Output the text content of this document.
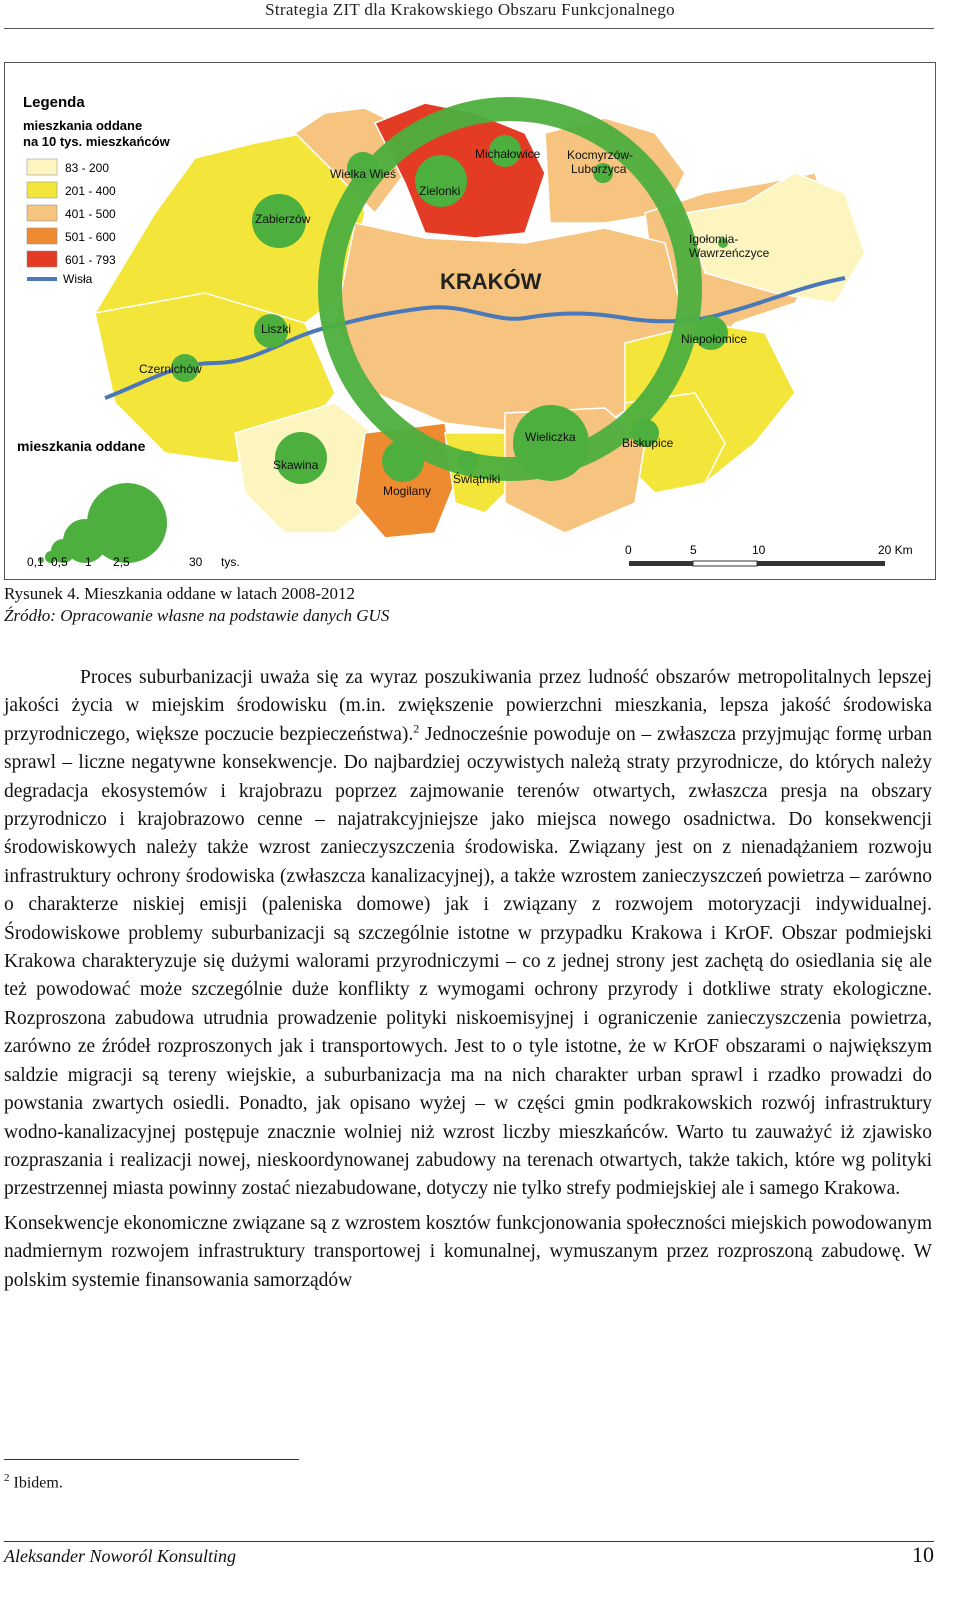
Strategia ZIT dla Krakowskiego Obszaru Funkcjonalnego
KRAKÓW
Wielka Wieś
Zielonki
Michałowice Kocmyrzów-
Luborzyca
Zabierzów
Igołomia-
Wawrzeńczyce
Liszki
Niepołomice
Czernichów
Wieliczka	Biskupice
Skawina
Mogilany
Świątniki
Legenda
mieszkania oddane
na 10 tys. mieszkańców
83 - 200
201 - 400
401 - 500
501 - 600
601 - 793
Wisła
mieszkania oddane
0,1 0,5 1 2,5	30 tys.
0	5	10	20 Km
Rysunek 4. Mieszkania oddane w latach 2008-2012
Źródło: Opracowanie własne na podstawie danych GUS

Proces suburbanizacji uważa się za wyraz poszukiwania przez ludność obszarów metropolitalnych lepszej jakości życia w miejskim środowisku (m.in. zwiększenie powierzchni mieszkania, lepsza jakość środowiska przyrodniczego, większe poczucie bezpieczeństwa).$^2$ Jednocześnie powoduje on – zwłaszcza przyjmując formę urban sprawl – liczne negatywne konsekwencje. Do najbardziej oczywistych należą straty przyrodnicze, do których należy degradacja ekosystemów i krajobrazu poprzez zajmowanie terenów otwartych, zwłaszcza presja na obszary przyrodniczo i krajobrazowo cenne – najatrakcyjniejsze jako miejsca nowego osadnictwa. Do konsekwencji środowiskowych należy także wzrost zanieczyszczenia środowiska. Związany jest on z nienadążaniem rozwoju infrastruktury ochrony środowiska (zwłaszcza kanalizacyjnej), a także wzrostem zanieczyszczeń powietrza – zarówno o charakterze niskiej emisji (paleniska domowe) jak i związany z rozwojem motoryzacji indywidualnej. Środowiskowe problemy suburbanizacji są szczególnie istotne w przypadku Krakowa i KrOF. Obszar podmiejski Krakowa charakteryzuje się dużymi walorami przyrodniczymi – co z jednej strony jest zachętą do osiedlania się ale też powodować może szczególnie duże konflikty z wymogami ochrony przyrody i dotkliwe straty ekologiczne. Rozproszona zabudowa utrudnia prowadzenie polityki niskoemisyjnej i ograniczenie zanieczyszczenia powietrza, zarówno ze źródeł rozproszonych jak i transportowych. Jest to o tyle istotne, że w KrOF obszarami o największym saldzie migracji są tereny wiejskie, a suburbanizacja ma na nich charakter urban sprawl i rzadko prowadzi do powstania zwartych osiedli. Ponadto, jak opisano wyżej – w części gmin podkrakowskich rozwój infrastruktury wodno-kanalizacyjnej postępuje znacznie wolniej niż wzrost liczby mieszkańców. Warto tu zauważyć iż zjawisko rozpraszania i realizacji nowej, nieskoordynowanej zabudowy na terenach otwartych, także takich, które wg polityki przestrzennej miasta powinny zostać niezabudowane, dotyczy nie tylko strefy podmiejskiej ale i samego Krakowa.

Konsekwencje ekonomiczne związane są z wzrostem kosztów funkcjonowania społeczności miejskich powodowanym nadmiernym rozwojem infrastruktury transportowej i komunalnej, wymuszanym przez rozproszoną zabudowę. W polskim systemie finansowania samorządów

$^2$ Ibidem.
Aleksander Noworól Konsulting	10
